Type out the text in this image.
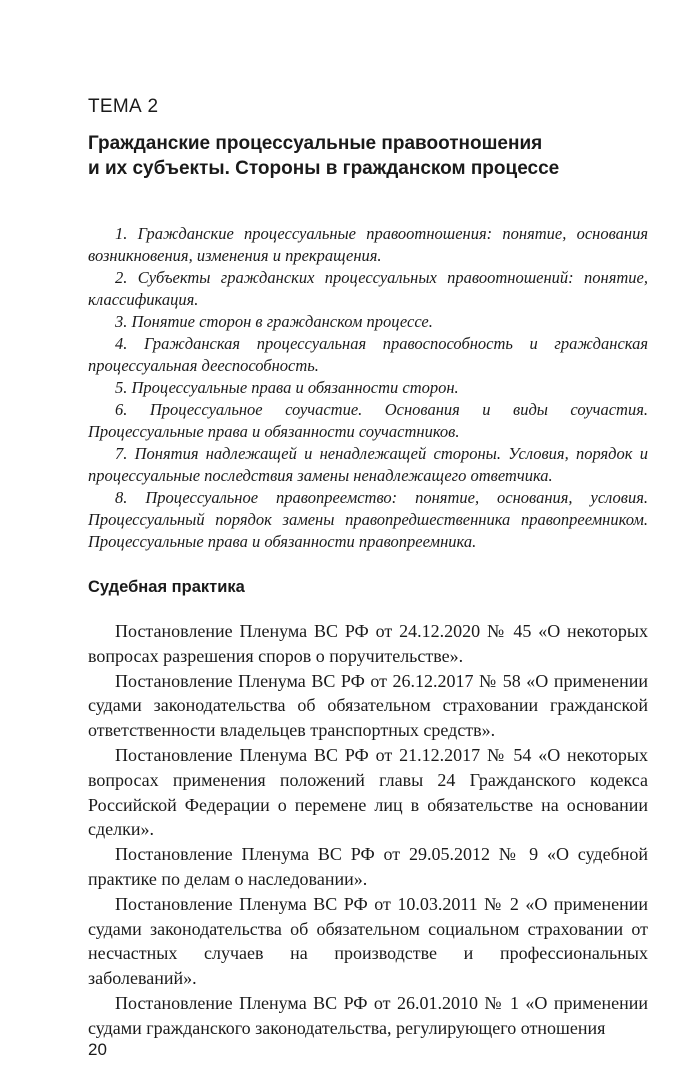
ТЕМА 2
Гражданские процессуальные правоотношения
и их субъекты. Стороны в гражданском процессе
1. Гражданские процессуальные правоотношения: понятие, основания возникновения, изменения и прекращения.
2. Субъекты гражданских процессуальных правоотношений: понятие, классификация.
3. Понятие сторон в гражданском процессе.
4. Гражданская процессуальная правоспособность и гражданская процессуальная дееспособность.
5. Процессуальные права и обязанности сторон.
6. Процессуальное соучастие. Основания и виды соучастия. Процессуальные права и обязанности соучастников.
7. Понятия надлежащей и ненадлежащей стороны. Условия, порядок и процессуальные последствия замены ненадлежащего ответчика.
8. Процессуальное правопреемство: понятие, основания, условия. Процессуальный порядок замены правопредшественника правопреемником. Процессуальные права и обязанности правопреемника.
Судебная практика
Постановление Пленума ВС РФ от 24.12.2020 № 45 «О некоторых вопросах разрешения споров о поручительстве».
Постановление Пленума ВС РФ от 26.12.2017 № 58 «О применении судами законодательства об обязательном страховании гражданской ответственности владельцев транспортных средств».
Постановление Пленума ВС РФ от 21.12.2017 № 54 «О некоторых вопросах применения положений главы 24 Гражданского кодекса Российской Федерации о перемене лиц в обязательстве на основании сделки».
Постановление Пленума ВС РФ от 29.05.2012 № 9 «О судебной практике по делам о наследовании».
Постановление Пленума ВС РФ от 10.03.2011 № 2 «О применении судами законодательства об обязательном социальном страховании от несчастных случаев на производстве и профессиональных заболеваний».
Постановление Пленума ВС РФ от 26.01.2010 № 1 «О применении судами гражданского законодательства, регулирующего отношения
20
